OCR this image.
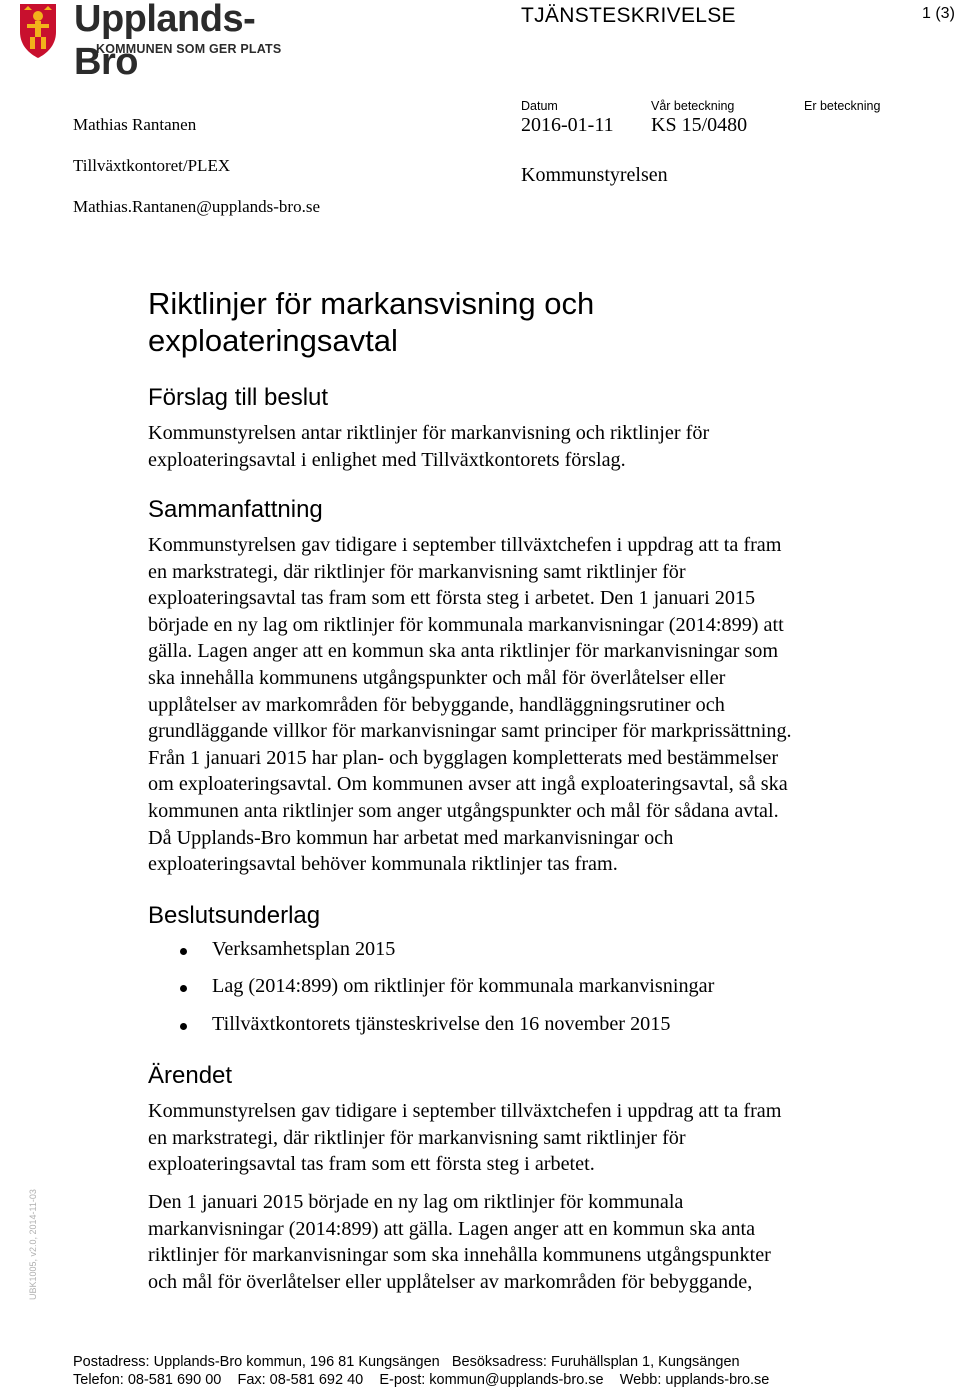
Upplands-Bro
KOMMUNEN SOM GER PLATS
TJÄNSTESKRIVELSE	1 (3)
Datum
2016-01-11
Vår beteckning
KS 15/0480
Er beteckning
Kommunstyrelsen
Mathias Rantanen
Tillväxtkontoret/PLEX
Mathias.Rantanen@upplands-bro.se
Riktlinjer för markansvisning och
exploateringsavtal
Förslag till beslut

Kommunstyrelsen antar riktlinjer för markanvisning och riktlinjer för
exploateringsavtal i enlighet med Tillväxtkontorets förslag.

Sammanfattning

Kommunstyrelsen gav tidigare i september tillväxtchefen i uppdrag att ta fram
en markstrategi, där riktlinjer för markanvisning samt riktlinjer för
exploateringsavtal tas fram som ett första steg i arbetet. Den 1 januari 2015
började en ny lag om riktlinjer för kommunala markanvisningar (2014:899) att
gälla. Lagen anger att en kommun ska anta riktlinjer för markanvisningar som
ska innehålla kommunens utgångspunkter och mål för överlåtelser eller
upplåtelser av markområden för bebyggande, handläggningsrutiner och
grundläggande villkor för markanvisningar samt principer för markprissättning.
Från 1 januari 2015 har plan- och bygglagen kompletterats med bestämmelser
om exploateringsavtal. Om kommunen avser att ingå exploateringsavtal, så ska
kommunen anta riktlinjer som anger utgångspunkter och mål för sådana avtal.
Då Upplands-Bro kommun har arbetat med markanvisningar och
exploateringsavtal behöver kommunala riktlinjer tas fram.

Beslutsunderlag
Verksamhetsplan 2015
Lag (2014:899) om riktlinjer för kommunala markanvisningar
Tillväxtkontorets tjänsteskrivelse den 16 november 2015
Ärendet

Kommunstyrelsen gav tidigare i september tillväxtchefen i uppdrag att ta fram
en markstrategi, där riktlinjer för markanvisning samt riktlinjer för
exploateringsavtal tas fram som ett första steg i arbetet.

Den 1 januari 2015 började en ny lag om riktlinjer för kommunala
markanvisningar (2014:899) att gälla. Lagen anger att en kommun ska anta
riktlinjer för markanvisningar som ska innehålla kommunens utgångspunkter
och mål för överlåtelser eller upplåtelser av markområden för bebyggande,

UBK1005, v2.0, 2014-11-03
Postadress: Upplands-Bro kommun, 196 81 Kungsängen   Besöksadress: Furuhällsplan 1, Kungsängen
Telefon: 08-581 690 00    Fax: 08-581 692 40    E-post: kommun@upplands-bro.se    Webb: upplands-bro.se
